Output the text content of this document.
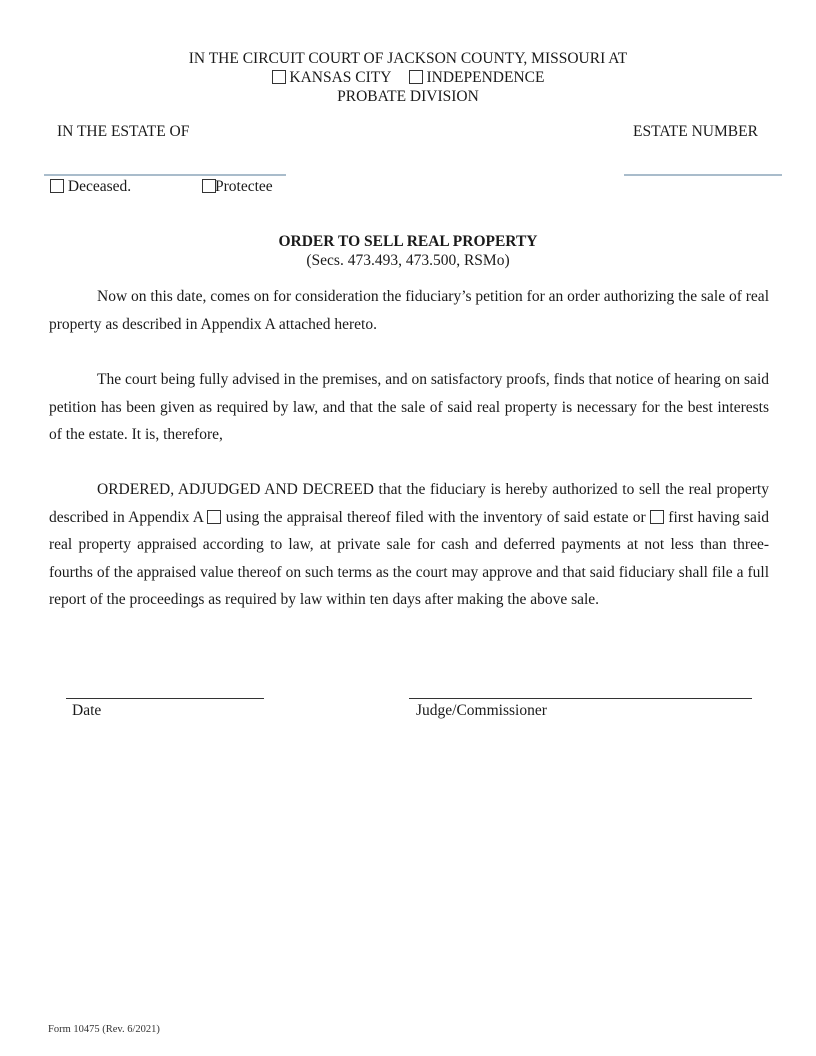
IN THE CIRCUIT COURT OF JACKSON COUNTY, MISSOURI AT
KANSAS CITY INDEPENDENCE
PROBATE DIVISION
IN THE ESTATE OF	ESTATE NUMBER
Deceased.	Protectee
ORDER TO SELL REAL PROPERTY
(Secs. 473.493, 473.500, RSMo)
Now on this date, comes on for consideration the fiduciary’s petition for an order authorizing the sale of real property as described in Appendix A attached hereto.
The court being fully advised in the premises, and on satisfactory proofs, finds that notice of hearing on said petition has been given as required by law, and that the sale of said real property is necessary for the best interests of the estate. It is, therefore,
ORDERED, ADJUDGED AND DECREED that the fiduciary is hereby authorized to sell the real property described in Appendix A using the appraisal thereof filed with the inventory of said estate or first having said real property appraised according to law, at private sale for cash and deferred payments at not less than three-fourths of the appraised value thereof on such terms as the court may approve and that said fiduciary shall file a full report of the proceedings as required by law within ten days after making the above sale.
Date	Judge/Commissioner
Form 10475 (Rev. 6/2021)
